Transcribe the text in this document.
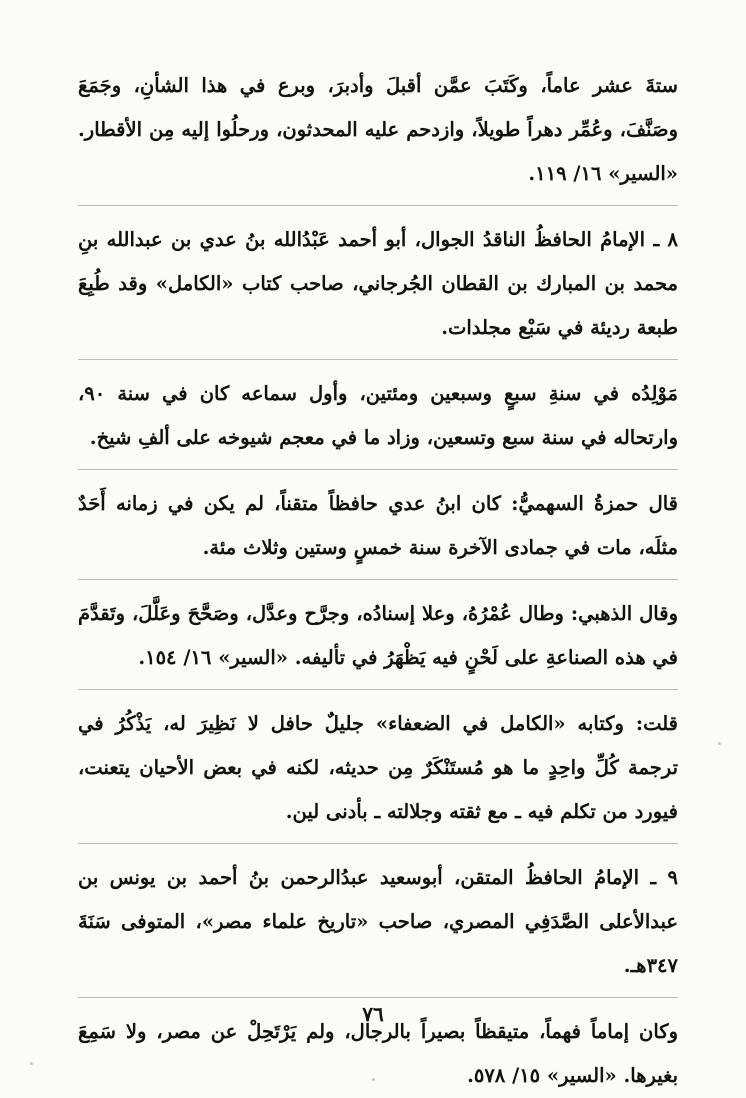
ستةَ عشر عاماً، وكَتَبَ عمَّن أقبلَ وأدبرَ، وبرع في هذا الشأنِ، وجَمَعَ وصَنَّفَ، وعُمِّر دهراً طويلاً، وازدحم عليه المحدثون، ورحلُوا إليه مِن الأقطار. «السير» ١٦/ ١١٩.

٨ ـ الإمامُ الحافظُ الناقدُ الجوال، أبو أحمد عَبْدُالله بنُ عدي بن عبدالله بنِ محمد بن المبارك بن القطان الجُرجاني، صاحب كتاب «الكامل» وقد طُبِعَ طبعة رديئة في سَبْع مجلدات.

مَوْلِدُه في سنةِ سبعٍ وسبعين ومئتين، وأول سماعه كان في سنة ٩٠، وارتحاله في سنة سبع وتسعين، وزاد ما في معجم شيوخه على ألفِ شيخ.

قال حمزةُ السهميُّ: كان ابنُ عدي حافظاً متقناً، لم يكن في زمانه أَحَدٌ مثلَه، مات في جمادى الآخرة سنة خمسٍ وستين وثلاث مئة.

وقال الذهبي: وطال عُمْرُهُ، وعلا إسنادُه، وجرَّح وعدَّل، وصَحَّحَ وعَلَّلَ، وتَقدَّمَ في هذه الصناعةِ على لَحْنٍ فيه يَظْهَرُ في تأليفه. «السير» ١٦/ ١٥٤.

قلت: وكتابه «الكامل في الضعفاء» جليلٌ حافل لا نَظِيرَ له، يَذْكُرُ في ترجمة كُلِّ واحِدٍ ما هو مُستَنْكَرٌ مِن حديثه، لكنه في بعض الأحيان يتعنت، فيورد من تكلم فيه ـ مع ثقته وجلالته ـ بأدنى لين.

٩ ـ الإمامُ الحافظُ المتقن، أبوسعيد عبدُالرحمن بنُ أحمد بن يونس بن عبدالأعلى الصَّدَفِي المصري، صاحب «تاريخ علماء مصر»، المتوفى سَنَةَ ٣٤٧هـ.

وكان إماماً فهماً، متيقظاً بصيراً بالرجال، ولم يَرْتَحِلْ عن مصر، ولا سَمِعَ بغيرها. «السير» ١٥/ ٥٧٨.

٧٦
